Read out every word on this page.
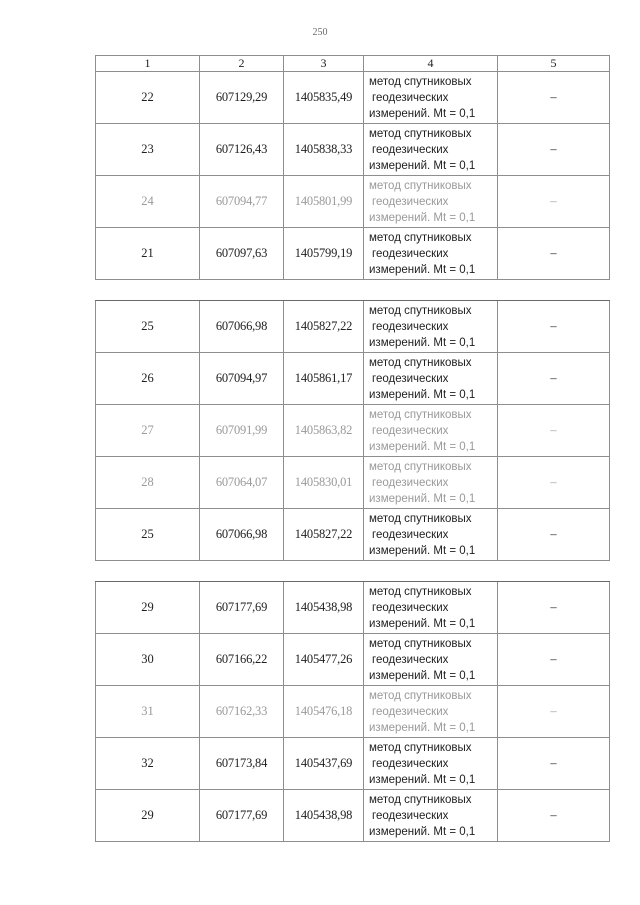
250
1	2	3	4	5
22	607129,29	1405835,49	метод спутниковых
геодезических
измерений. Mt = 0,1	–
23	607126,43	1405838,33	метод спутниковых
геодезических
измерений. Mt = 0,1	–
24	607094,77	1405801,99	метод спутниковых
геодезических
измерений. Mt = 0,1	–
21	607097,63	1405799,19	метод спутниковых
геодезических
измерений. Mt = 0,1	–

25	607066,98	1405827,22	метод спутниковых
геодезических
измерений. Mt = 0,1	–
26	607094,97	1405861,17	метод спутниковых
геодезических
измерений. Mt = 0,1	–
27	607091,99	1405863,82	метод спутниковых
геодезических
измерений. Mt = 0,1	–
28	607064,07	1405830,01	метод спутниковых
геодезических
измерений. Mt = 0,1	–
25	607066,98	1405827,22	метод спутниковых
геодезических
измерений. Mt = 0,1	–

29	607177,69	1405438,98	метод спутниковых
геодезических
измерений. Mt = 0,1	–
30	607166,22	1405477,26	метод спутниковых
геодезических
измерений. Mt = 0,1	–
31	607162,33	1405476,18	метод спутниковых
геодезических
измерений. Mt = 0,1	–
32	607173,84	1405437,69	метод спутниковых
геодезических
измерений. Mt = 0,1	–
29	607177,69	1405438,98	метод спутниковых
геодезических
измерений. Mt = 0,1	–
